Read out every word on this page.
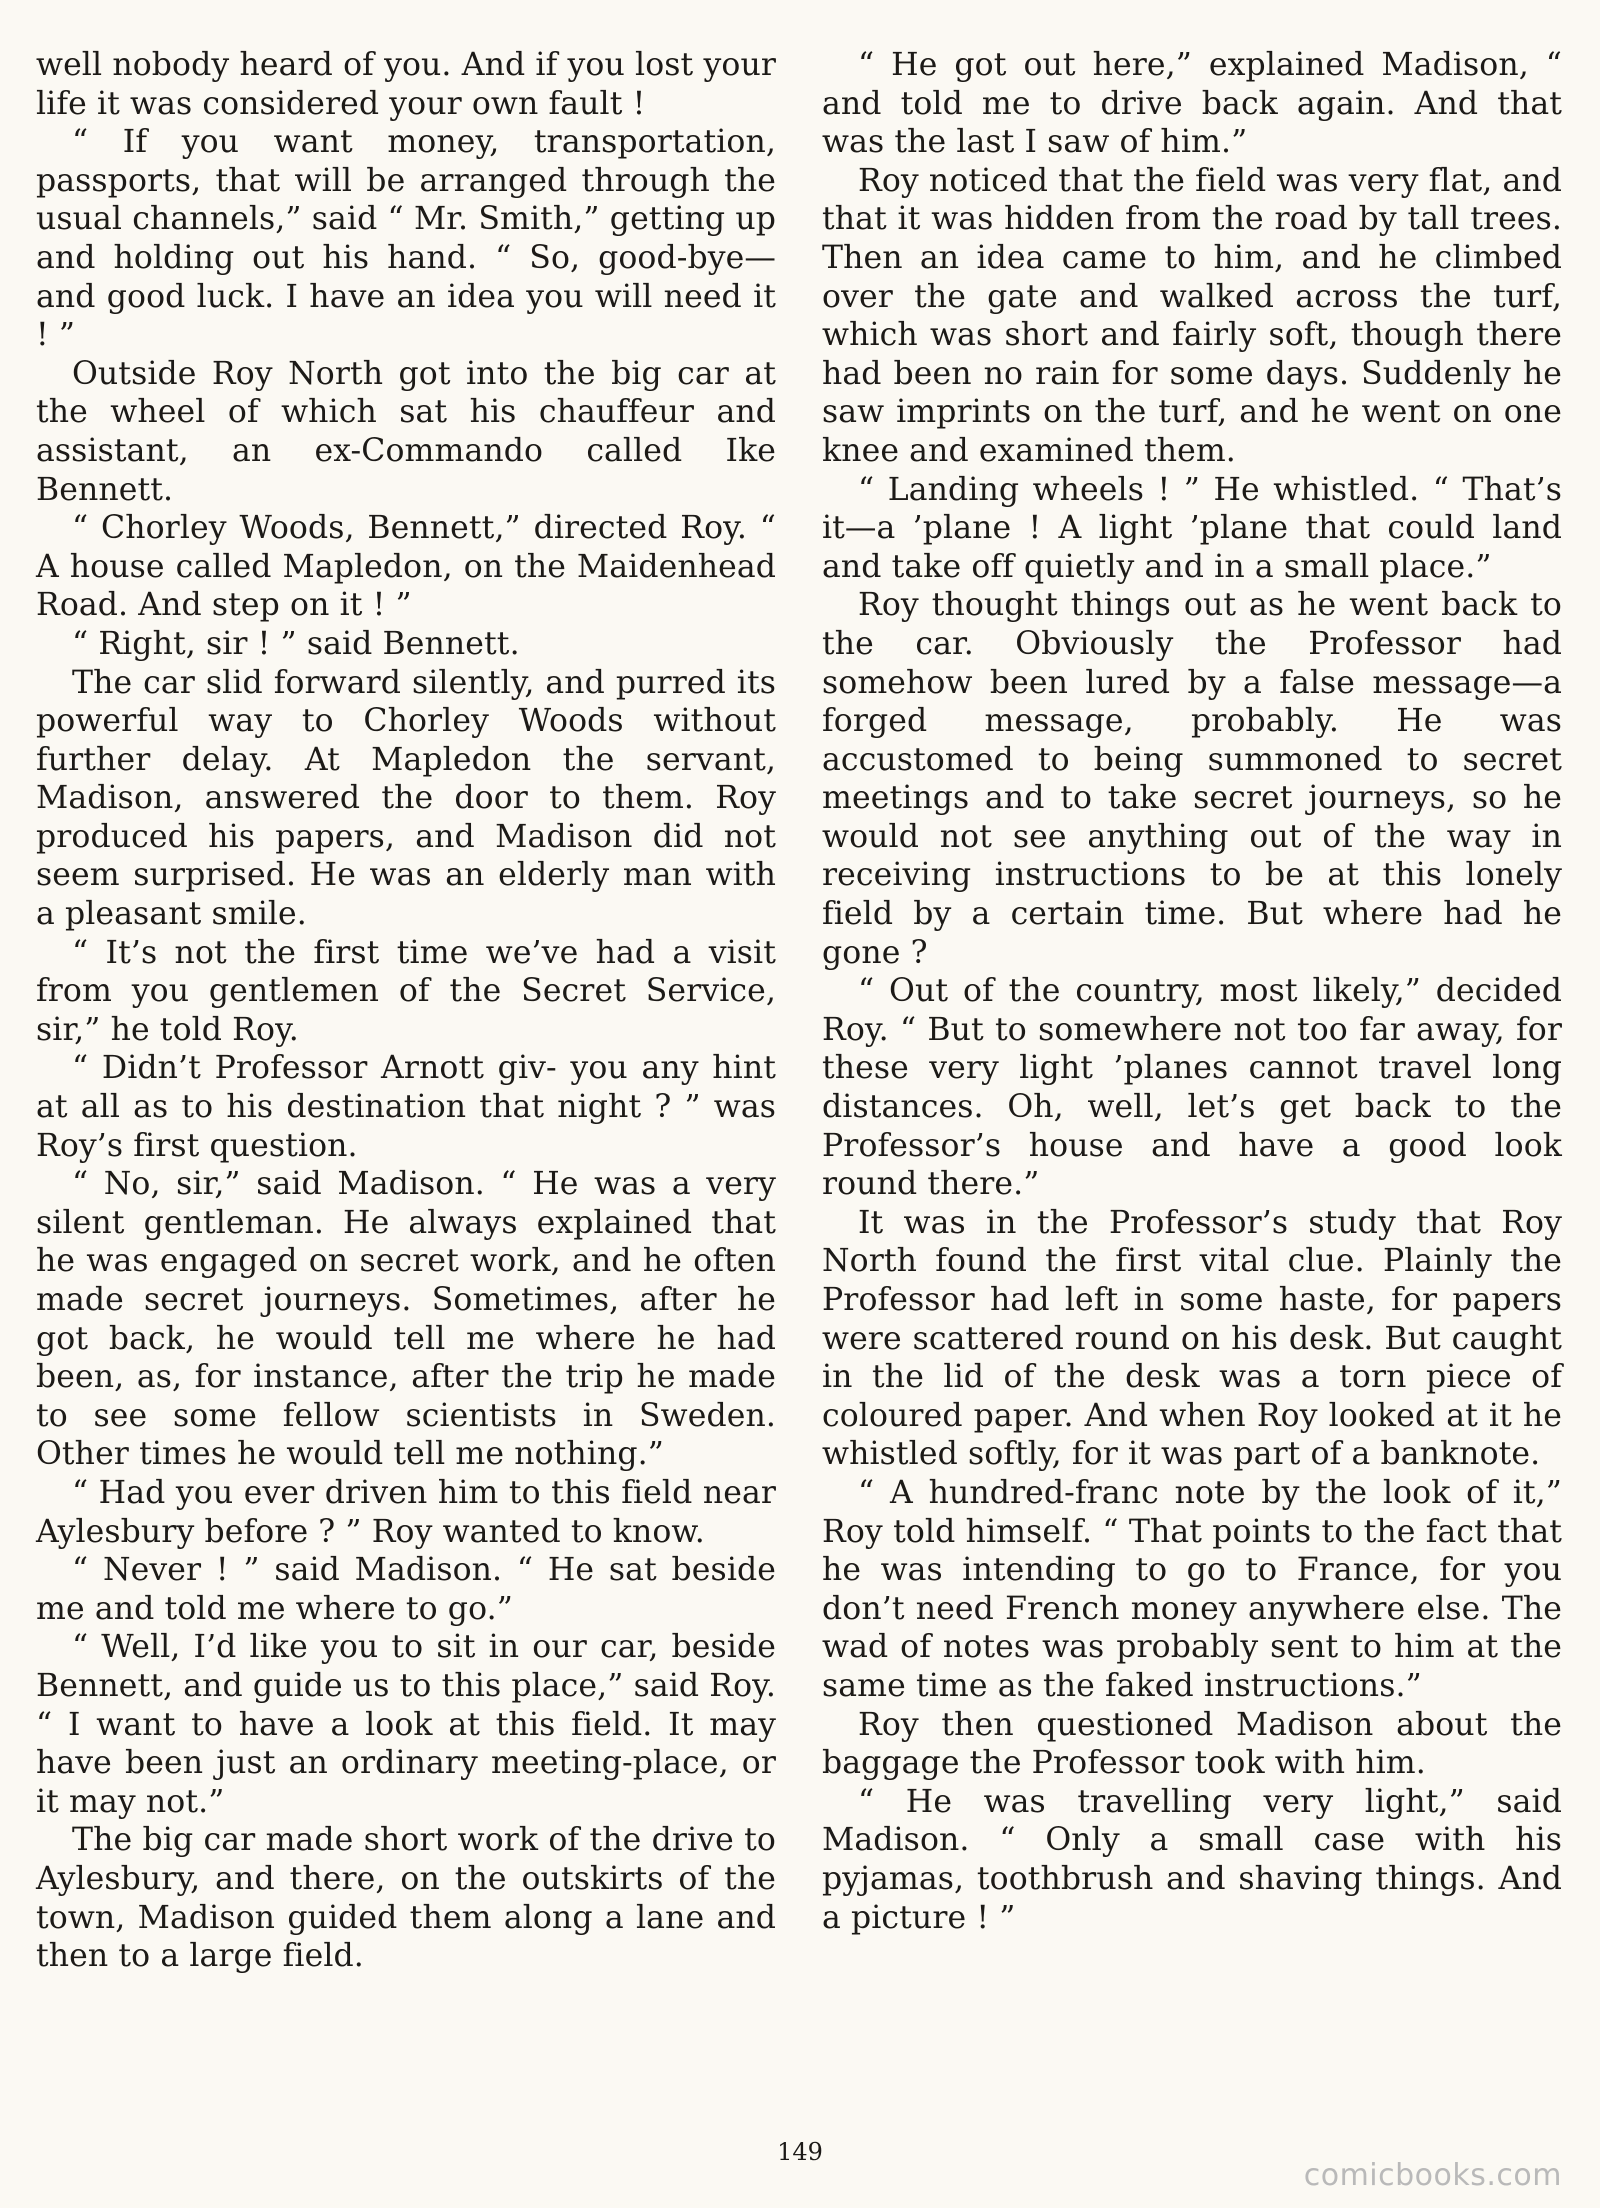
well nobody heard of you. And if you lost your life it was considered your own fault !

“ If you want money, transportation, passports, that will be arranged through the usual channels,” said “ Mr. Smith,” getting up and holding out his hand. “ So, good-bye—and good luck. I have an idea you will need it ! ”

Outside Roy North got into the big car at the wheel of which sat his chauffeur and assistant, an ex-Commando called Ike Bennett.

“ Chorley Woods, Bennett,” directed Roy. “ A house called Mapledon, on the Maidenhead Road. And step on it ! ”

“ Right, sir ! ” said Bennett.

The car slid forward silently, and purred its powerful way to Chorley Woods without further delay. At Mapledon the servant, Madison, answered the door to them. Roy produced his papers, and Madison did not seem surprised. He was an elderly man with a pleasant smile.

“ It’s not the first time we’ve had a visit from you gentlemen of the Secret Service, sir,” he told Roy.

“ Didn’t Professor Arnott giv- you any hint at all as to his destination that night ? ” was Roy’s first question.

“ No, sir,” said Madison. “ He was a very silent gentleman. He always explained that he was engaged on secret work, and he often made secret journeys. Sometimes, after he got back, he would tell me where he had been, as, for instance, after the trip he made to see some fellow scientists in Sweden. Other times he would tell me nothing.”

“ Had you ever driven him to this field near Aylesbury before ? ” Roy wanted to know.

“ Never ! ” said Madison. “ He sat beside me and told me where to go.”

“ Well, I’d like you to sit in our car, beside Bennett, and guide us to this place,” said Roy. “ I want to have a look at this field. It may have been just an ordinary meeting-place, or it may not.”

The big car made short work of the drive to Aylesbury, and there, on the outskirts of the town, Madison guided them along a lane and then to a large field.

“ He got out here,” explained Madison, “ and told me to drive back again. And that was the last I saw of him.”

Roy noticed that the field was very flat, and that it was hidden from the road by tall trees. Then an idea came to him, and he climbed over the gate and walked across the turf, which was short and fairly soft, though there had been no rain for some days. Suddenly he saw imprints on the turf, and he went on one knee and examined them.

“ Landing wheels ! ” He whistled. “ That’s it—a ’plane ! A light ’plane that could land and take off quietly and in a small place.”

Roy thought things out as he went back to the car. Obviously the Professor had somehow been lured by a false message—a forged message, probably. He was accustomed to being summoned to secret meetings and to take secret journeys, so he would not see anything out of the way in receiving instructions to be at this lonely field by a certain time. But where had he gone ?

“ Out of the country, most likely,” decided Roy. “ But to somewhere not too far away, for these very light ’planes cannot travel long distances. Oh, well, let’s get back to the Professor’s house and have a good look round there.”

It was in the Professor’s study that Roy North found the first vital clue. Plainly the Professor had left in some haste, for papers were scattered round on his desk. But caught in the lid of the desk was a torn piece of coloured paper. And when Roy looked at it he whistled softly, for it was part of a banknote.

“ A hundred-franc note by the look of it,” Roy told himself. “ That points to the fact that he was intending to go to France, for you don’t need French money anywhere else. The wad of notes was probably sent to him at the same time as the faked instructions.”

Roy then questioned Madison about the baggage the Professor took with him.

“ He was travelling very light,” said Madison. “ Only a small case with his pyjamas, toothbrush and shaving things. And a picture ! ”

149
comicbooks.com
